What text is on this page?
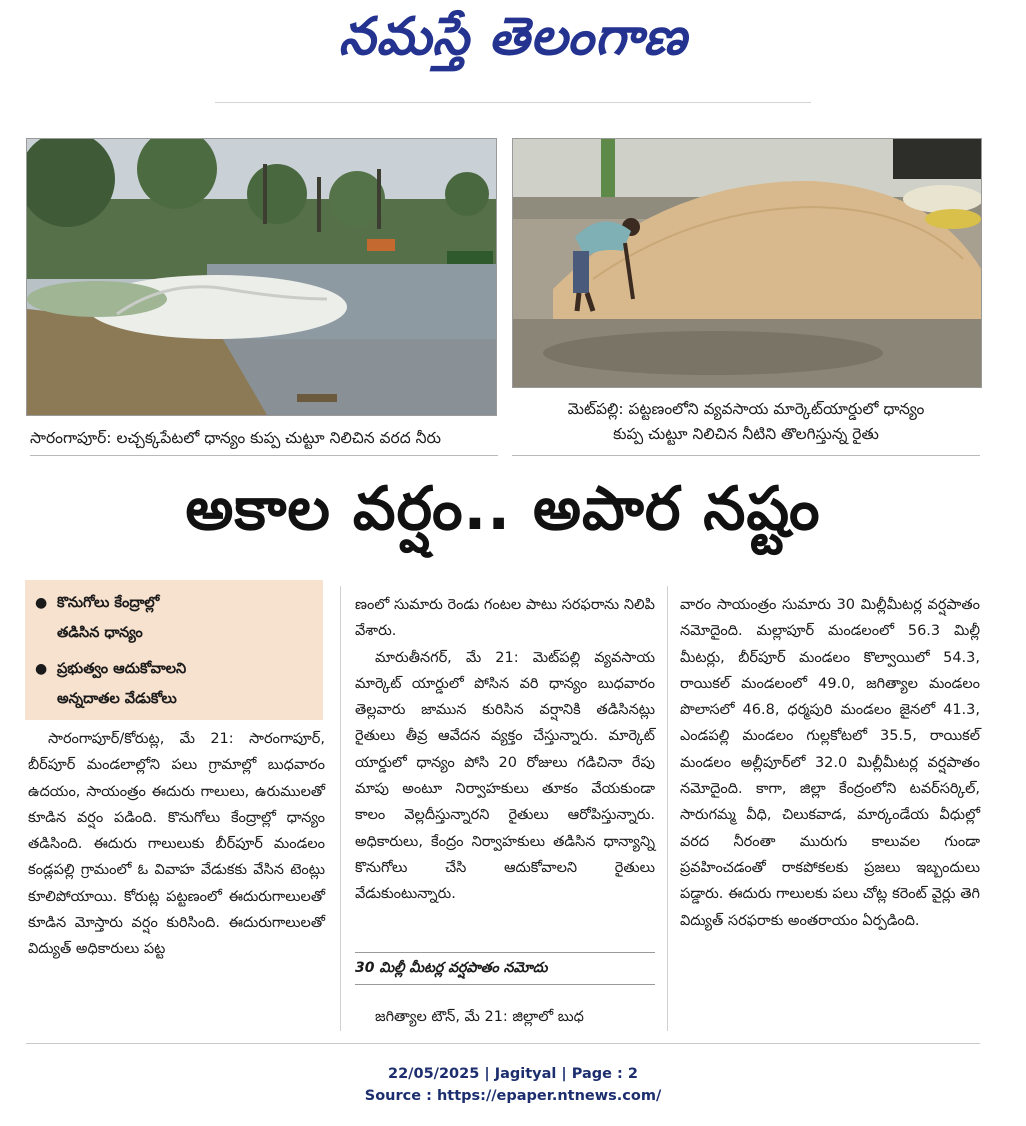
నమస్తే తెలంగాణ
సారంగాపూర్: లచ్చక్కపేటలో ధాన్యం కుప్ప చుట్టూ నిలిచిన వరద నీరు
మెట్‌పల్లి: పట్టణంలోని వ్యవసాయ మార్కెట్‌యార్డులో ధాన్యం
కుప్ప చుట్టూ నిలిచిన నీటిని తొలగిస్తున్న రైతు
అకాల వర్షం.. అపార నష్టం
● కొనుగోలు కేంద్రాల్లో
తడిసిన ధాన్యం
● ప్రభుత్వం ఆదుకోవాలని
అన్నదాతల వేడుకోలు

సారంగాపూర్/కోరుట్ల, మే 21: సారంగాపూర్, బీర్‌పూర్ మండలాల్లోని పలు గ్రామాల్లో బుధవారం ఉదయం, సాయంత్రం ఈదురు గాలులు, ఉరుములతో కూడిన వర్షం పడింది. కొనుగోలు కేంద్రాల్లో ధాన్యం తడిసింది. ఈదురు గాలులుకు బీర్‌పూర్ మండలం కండ్లపల్లి గ్రామంలో ఓ వివాహ వేడుకకు వేసిన టెంట్లు కూలిపోయాయి. కోరుట్ల పట్టణంలో ఈదురుగాలులతో కూడిన మోస్తారు వర్షం కురిసింది. ఈదురుగాలులతో విద్యుత్ అధికారులు పట్ట

ణంలో సుమారు రెండు గంటల పాటు సరఫరాను నిలిపి వేశారు.

మారుతీనగర్, మే 21: మెట్‌పల్లి వ్యవసాయ మార్కెట్ యార్డులో పోసిన వరి ధాన్యం బుధవారం తెల్లవారు జామున కురిసిన వర్షానికి తడిసినట్లు రైతులు తీవ్ర ఆవేదన వ్యక్తం చేస్తున్నారు. మార్కెట్ యార్డులో ధాన్యం పోసి 20 రోజులు గడిచినా రేపు మాపు అంటూ నిర్వాహకులు తూకం వేయకుండా కాలం వెల్లదీస్తున్నారని రైతులు ఆరోపిస్తున్నారు. అధికారులు, కేంద్రం నిర్వాహకులు తడిసిన ధాన్యాన్ని కొనుగోలు చేసి ఆదుకోవాలని రైతులు వేడుకుంటున్నారు.

30 మిల్లీ మీటర్ల వర్షపాతం నమోదు

జగిత్యాల టౌన్, మే 21: జిల్లాలో బుధ

వారం సాయంత్రం సుమారు 30 మిల్లీమీటర్ల వర్షపాతం నమోదైంది. మల్లాపూర్ మండలంలో 56.3 మిల్లీ మీటర్లు, బీర్‌పూర్ మండలం కొల్వాయిలో 54.3, రాయికల్ మండలంలో 49.0, జగిత్యాల మండలం పొలాసలో 46.8, ధర్మపురి మండలం జైనలో 41.3, ఎండపల్లి మండలం గుల్లకోటలో 35.5, రాయికల్ మండలం అల్లీపూర్‌లో 32.0 మిల్లీమీటర్ల వర్షపాతం నమోదైంది. కాగా, జిల్లా కేంద్రంలోని టవర్‌సర్కిల్, సారుగమ్మ వీధి, చిలుకవాడ, మార్కండేయ వీధుల్లో వరద నీరంతా మురుగు కాలువల గుండా ప్రవహించడంతో రాకపోకలకు ప్రజలు ఇబ్బందులు పడ్డారు. ఈదురు గాలులకు పలు చోట్ల కరెంట్ వైర్లు తెగి విద్యుత్ సరఫరాకు అంతరాయం ఏర్పడింది.

22/05/2025 | Jagityal | Page : 2
Source : https://epaper.ntnews.com/
